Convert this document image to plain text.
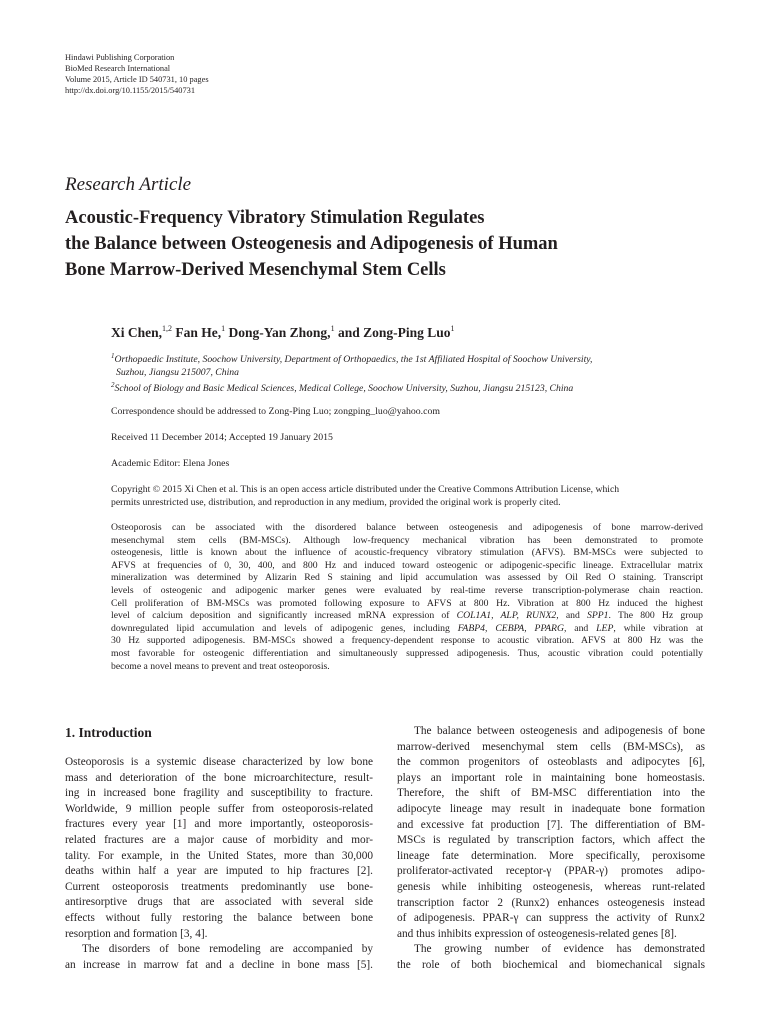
Hindawi Publishing Corporation
BioMed Research International
Volume 2015, Article ID 540731, 10 pages
http://dx.doi.org/10.1155/2015/540731
Research Article
Acoustic-Frequency Vibratory Stimulation Regulates
the Balance between Osteogenesis and Adipogenesis of Human
Bone Marrow-Derived Mesenchymal Stem Cells
Xi Chen,$^{1,2}$ Fan He,$^1$ Dong-Yan Zhong,$^1$ and Zong-Ping Luo$^1$
$^1$Orthopaedic Institute, Soochow University, Department of Orthopaedics, the 1st Affiliated Hospital of Soochow University,
Suzhou, Jiangsu 215007, China
$^2$School of Biology and Basic Medical Sciences, Medical College, Soochow University, Suzhou, Jiangsu 215123, China
Correspondence should be addressed to Zong-Ping Luo; zongping_luo@yahoo.com
Received 11 December 2014; Accepted 19 January 2015
Academic Editor: Elena Jones
Copyright © 2015 Xi Chen et al. This is an open access article distributed under the Creative Commons Attribution License, which
permits unrestricted use, distribution, and reproduction in any medium, provided the original work is properly cited.
Osteoporosis can be associated with the disordered balance between osteogenesis and adipogenesis of bone marrow-derived
mesenchymal stem cells (BM-MSCs). Although low-frequency mechanical vibration has been demonstrated to promote
osteogenesis, little is known about the influence of acoustic-frequency vibratory stimulation (AFVS). BM-MSCs were subjected to
AFVS at frequencies of 0, 30, 400, and 800 Hz and induced toward osteogenic or adipogenic-specific lineage. Extracellular matrix
mineralization was determined by Alizarin Red S staining and lipid accumulation was assessed by Oil Red O staining. Transcript
levels of osteogenic and adipogenic marker genes were evaluated by real-time reverse transcription-polymerase chain reaction.
Cell proliferation of BM-MSCs was promoted following exposure to AFVS at 800 Hz. Vibration at 800 Hz induced the highest
level of calcium deposition and significantly increased mRNA expression of COL1A1, ALP, RUNX2, and SPP1. The 800 Hz group
downregulated lipid accumulation and levels of adipogenic genes, including FABP4, CEBPA, PPARG, and LEP, while vibration at
30 Hz supported adipogenesis. BM-MSCs showed a frequency-dependent response to acoustic vibration. AFVS at 800 Hz was the
most favorable for osteogenic differentiation and simultaneously suppressed adipogenesis. Thus, acoustic vibration could potentially
become a novel means to prevent and treat osteoporosis.
1. Introduction
Osteoporosis is a systemic disease characterized by low bone
mass and deterioration of the bone microarchitecture, result-
ing in increased bone fragility and susceptibility to fracture.
Worldwide, 9 million people suffer from osteoporosis-related
fractures every year [1] and more importantly, osteoporosis-
related fractures are a major cause of morbidity and mor-
tality. For example, in the United States, more than 30,000
deaths within half a year are imputed to hip fractures [2].
Current osteoporosis treatments predominantly use bone-
antiresorptive drugs that are associated with several side
effects without fully restoring the balance between bone
resorption and formation [3, 4].
The disorders of bone remodeling are accompanied by
an increase in marrow fat and a decline in bone mass [5].
The balance between osteogenesis and adipogenesis of bone
marrow-derived mesenchymal stem cells (BM-MSCs), as
the common progenitors of osteoblasts and adipocytes [6],
plays an important role in maintaining bone homeostasis.
Therefore, the shift of BM-MSC differentiation into the
adipocyte lineage may result in inadequate bone formation
and excessive fat production [7]. The differentiation of BM-
MSCs is regulated by transcription factors, which affect the
lineage fate determination. More specifically, peroxisome
proliferator-activated receptor-γ (PPAR-γ) promotes adipo-
genesis while inhibiting osteogenesis, whereas runt-related
transcription factor 2 (Runx2) enhances osteogenesis instead
of adipogenesis. PPAR-γ can suppress the activity of Runx2
and thus inhibits expression of osteogenesis-related genes [8].
The growing number of evidence has demonstrated
the role of both biochemical and biomechanical signals
